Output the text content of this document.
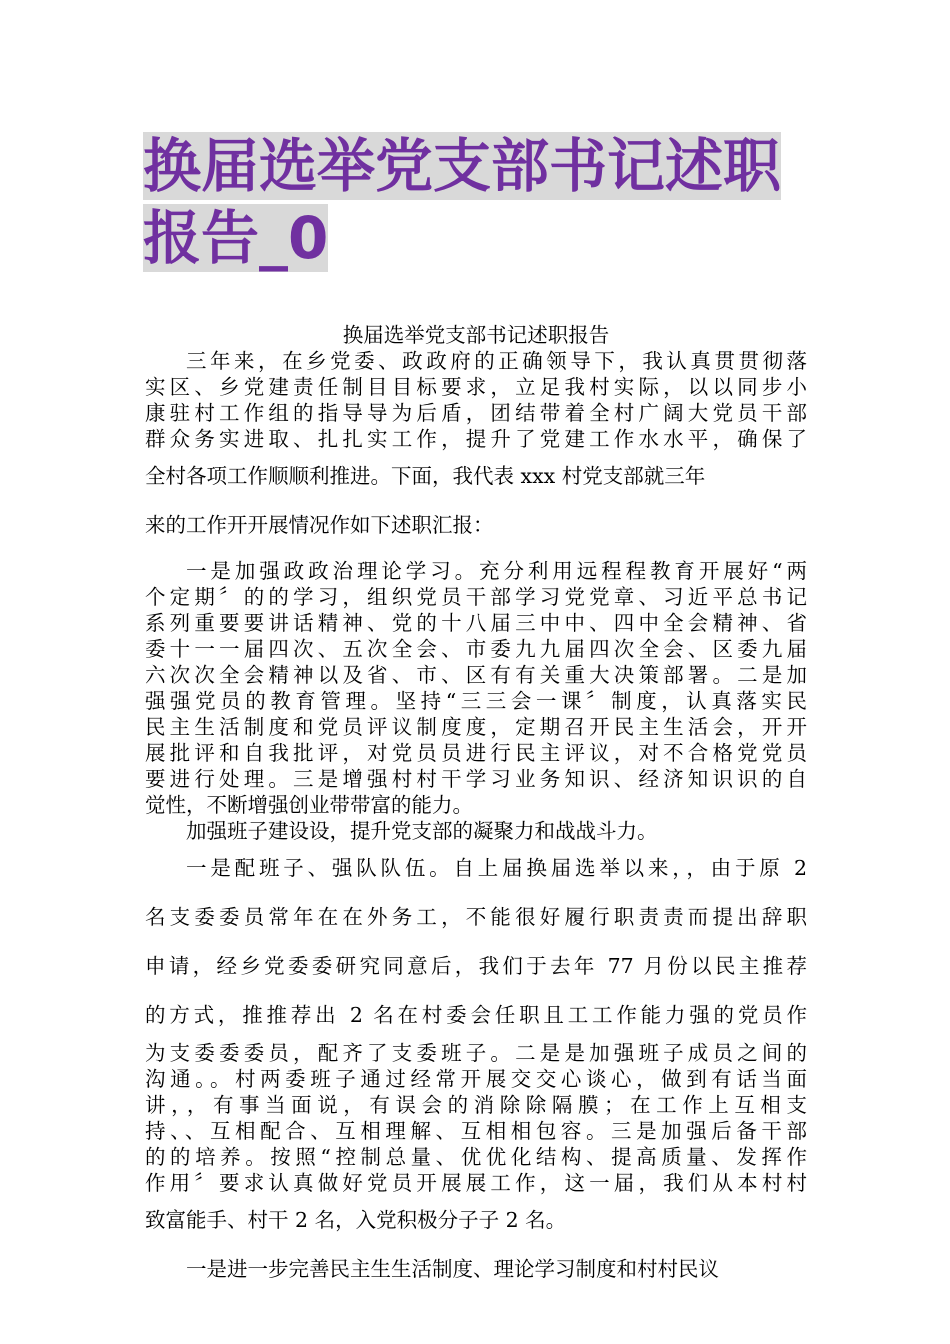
换届选举党支部书记述职
报告_0

换届选举党支部书记述职报告

三年来，在乡党委、政政府的正确领导下，我认真贯贯彻落
实区、乡党建责任制目目标要求，立足我村实际，以以同步小
康驻村工作组的指导导为后盾，团结带着全村广阔大党员干部
群众务实进取、扎扎实工作，提升了党建工作水水平，确保了

全村各项工作顺顺利推进。下面，我代表 xxx 村党支部就三年
来的工作开开展情况作如下述职汇报：

一是加强政政治理论学习。充分利用远程程教育开展好“两
个定期〞的的学习，组织党员干部学习党党章、习近平总书记
系列重要要讲话精神、党的十八届三中中、四中全会精神、省
委十一一届四次、五次全会、市委九九届四次全会、区委九届
六次次全会精神以及省、市、区有有关重大决策部署。二是加
强强党员的教育管理。坚持“三三会一课〞制度，认真落实民
民主生活制度和党员评议制度度，定期召开民主生活会，开开
展批评和自我批评，对党员员进行民主评议，对不合格党党员
要进行处理。三是增强村村干学习业务知识、经济知识识的自
觉性，不断增强创业带带富的能力。

加强班子建设设，提升党支部的凝聚力和战战斗力。

一是配班子、强队队伍。自上届换届选举以来，，由于原 2
名支委委员常年在在外务工，不能很好履行职责责而提出辞职
申请，经乡党委委研究同意后，我们于去年 77 月份以民主推荐
的方式，推推荐出 2 名在村委会任职且工工作能力强的党员作

为支委委委员，配齐了支委班子。二是是加强班子成员之间的
沟通。。村两委班子通过经常开展交交心谈心，做到有话当面
讲，，有事当面说，有误会的消除除隔膜；在工作上互相支
持、、互相配合、互相理解、互相相包容。三是加强后备干部
的的培养。按照“控制总量、优优化结构、提高质量、发挥作
作用〞要求认真做好党员开展展工作，这一届，我们从本村村

致富能手、村干 2 名，入党积极分子子 2 名。

一是进一步完善民主生生活制度、理论学习制度和村村民议
